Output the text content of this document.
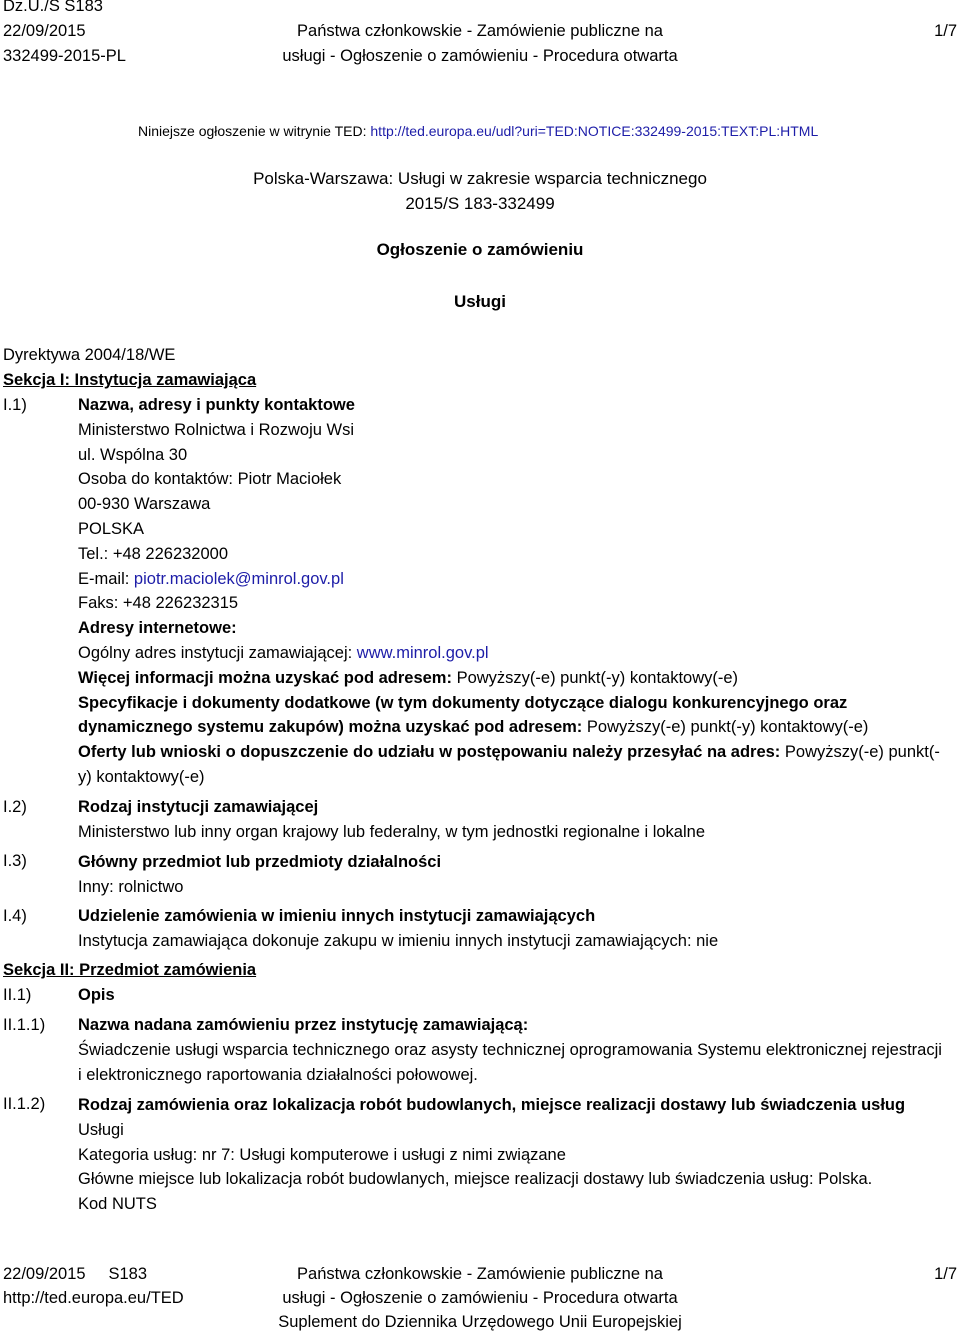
Dz.U./S S183
22/09/2015
332499-2015-PL
Państwa członkowskie - Zamówienie publiczne na
usługi - Ogłoszenie o zamówieniu - Procedura otwarta
1/7
Niniejsze ogłoszenie w witrynie TED: http://ted.europa.eu/udl?uri=TED:NOTICE:332499-2015:TEXT:PL:HTML
Polska-Warszawa: Usługi w zakresie wsparcia technicznego
2015/S 183-332499
Ogłoszenie o zamówieniu
Usługi
Dyrektywa 2004/18/WE
Sekcja I: Instytucja zamawiająca
I.1)	Nazwa, adresy i punkty kontaktowe
Ministerstwo Rolnictwa i Rozwoju Wsi
ul. Wspólna 30
Osoba do kontaktów: Piotr Maciołek
00-930 Warszawa
POLSKA
Tel.: +48 226232000
E-mail: piotr.maciolek@minrol.gov.pl
Faks: +48 226232315
Adresy internetowe:
Ogólny adres instytucji zamawiającej: www.minrol.gov.pl
Więcej informacji można uzyskać pod adresem: Powyższy(-e) punkt(-y) kontaktowy(-e)
Specyfikacje i dokumenty dodatkowe (w tym dokumenty dotyczące dialogu konkurencyjnego oraz dynamicznego systemu zakupów) można uzyskać pod adresem: Powyższy(-e) punkt(-y) kontaktowy(-e)
Oferty lub wnioski o dopuszczenie do udziału w postępowaniu należy przesyłać na adres: Powyższy(-e) punkt(-y) kontaktowy(-e)
I.2)	Rodzaj instytucji zamawiającej
Ministerstwo lub inny organ krajowy lub federalny, w tym jednostki regionalne i lokalne
I.3)	Główny przedmiot lub przedmioty działalności
Inny: rolnictwo
I.4)	Udzielenie zamówienia w imieniu innych instytucji zamawiających
Instytucja zamawiająca dokonuje zakupu w imieniu innych instytucji zamawiających: nie
Sekcja II: Przedmiot zamówienia
II.1)	Opis
II.1.1) Nazwa nadana zamówieniu przez instytucję zamawiającą:
Świadczenie usługi wsparcia technicznego oraz asysty technicznej oprogramowania Systemu elektronicznej rejestracji i elektronicznego raportowania działalności połowowej.
II.1.2) Rodzaj zamówienia oraz lokalizacja robót budowlanych, miejsce realizacji dostawy lub świadczenia usług
Usługi
Kategoria usług: nr 7: Usługi komputerowe i usługi z nimi związane
Główne miejsce lub lokalizacja robót budowlanych, miejsce realizacji dostawy lub świadczenia usług: Polska.
Kod NUTS
22/09/2015     S183
http://ted.europa.eu/TED
Państwa członkowskie - Zamówienie publiczne na
usługi - Ogłoszenie o zamówieniu - Procedura otwarta
Suplement do Dziennika Urzędowego Unii Europejskiej
1/7
